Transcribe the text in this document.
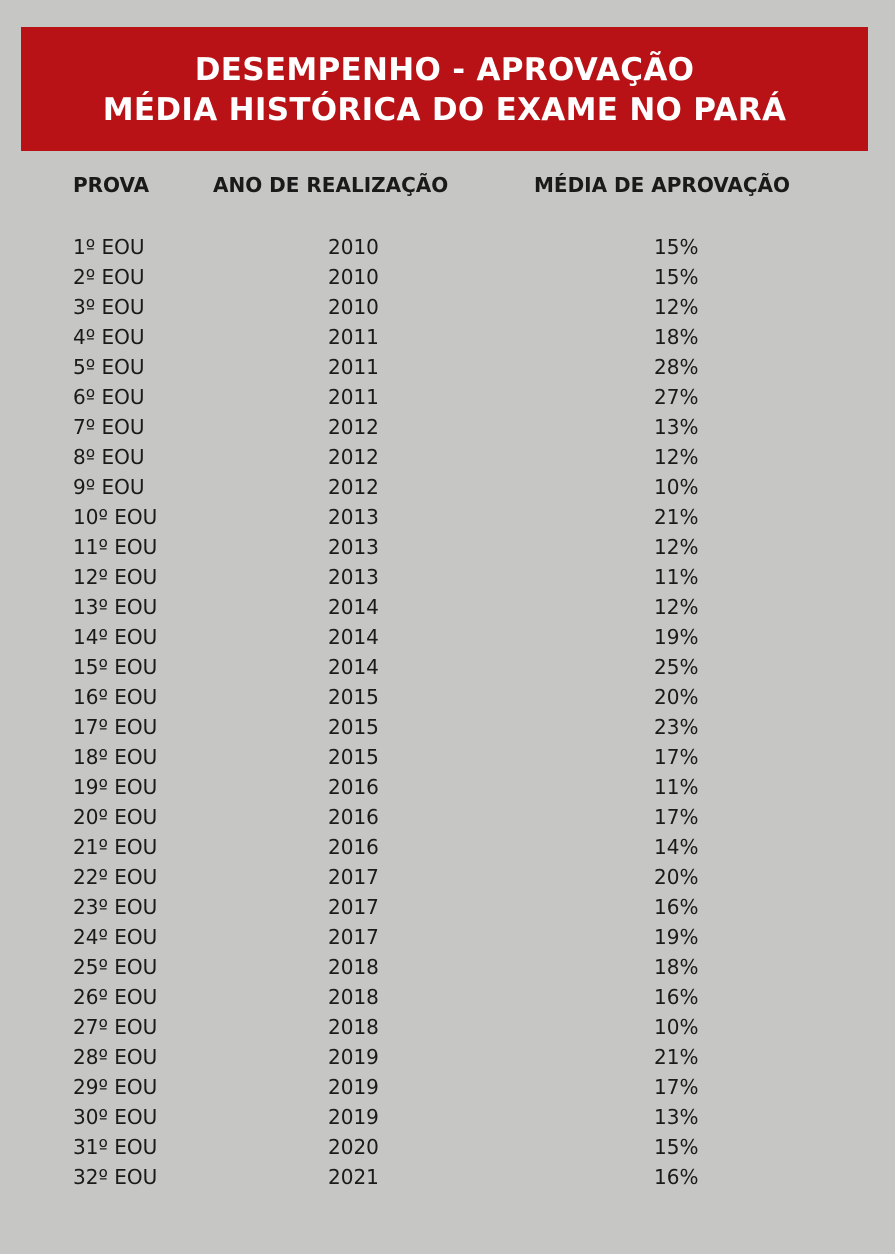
DESEMPENHO - APROVAÇÃO
MÉDIA HISTÓRICA DO EXAME NO PARÁ
PROVA	ANO DE REALIZAÇÃO	MÉDIA DE APROVAÇÃO
1º EOU	2010	15%
2º EOU	2010	15%
3º EOU	2010	12%
4º EOU	2011	18%
5º EOU	2011	28%
6º EOU	2011	27%
7º EOU	2012	13%
8º EOU	2012	12%
9º EOU	2012	10%
10º EOU	2013	21%
11º EOU	2013	12%
12º EOU	2013	11%
13º EOU	2014	12%
14º EOU	2014	19%
15º EOU	2014	25%
16º EOU	2015	20%
17º EOU	2015	23%
18º EOU	2015	17%
19º EOU	2016	11%
20º EOU	2016	17%
21º EOU	2016	14%
22º EOU	2017	20%
23º EOU	2017	16%
24º EOU	2017	19%
25º EOU	2018	18%
26º EOU	2018	16%
27º EOU	2018	10%
28º EOU	2019	21%
29º EOU	2019	17%
30º EOU	2019	13%
31º EOU	2020	15%
32º EOU	2021	16%
